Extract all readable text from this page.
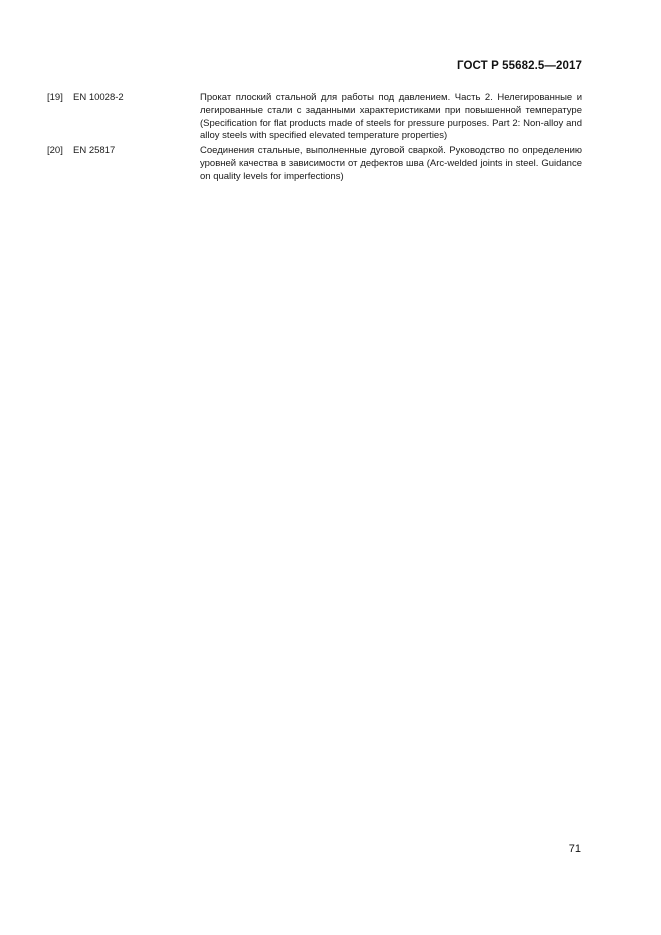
ГОСТ Р 55682.5—2017
[19]	EN 10028-2	Прокат плоский стальной для работы под давлением. Часть 2. Нелегированные и легированные стали с заданными характеристиками при повышенной температуре (Specification for flat products made of steels for pressure purposes. Part 2: Non-alloy and alloy steels with specified elevated temperature properties)
[20]	EN 25817	Соединения стальные, выполненные дуговой сваркой. Руководство по определению уровней качества в зависимости от дефектов шва (Arc-welded joints in steel. Guidance on quality levels for imperfections)
71
